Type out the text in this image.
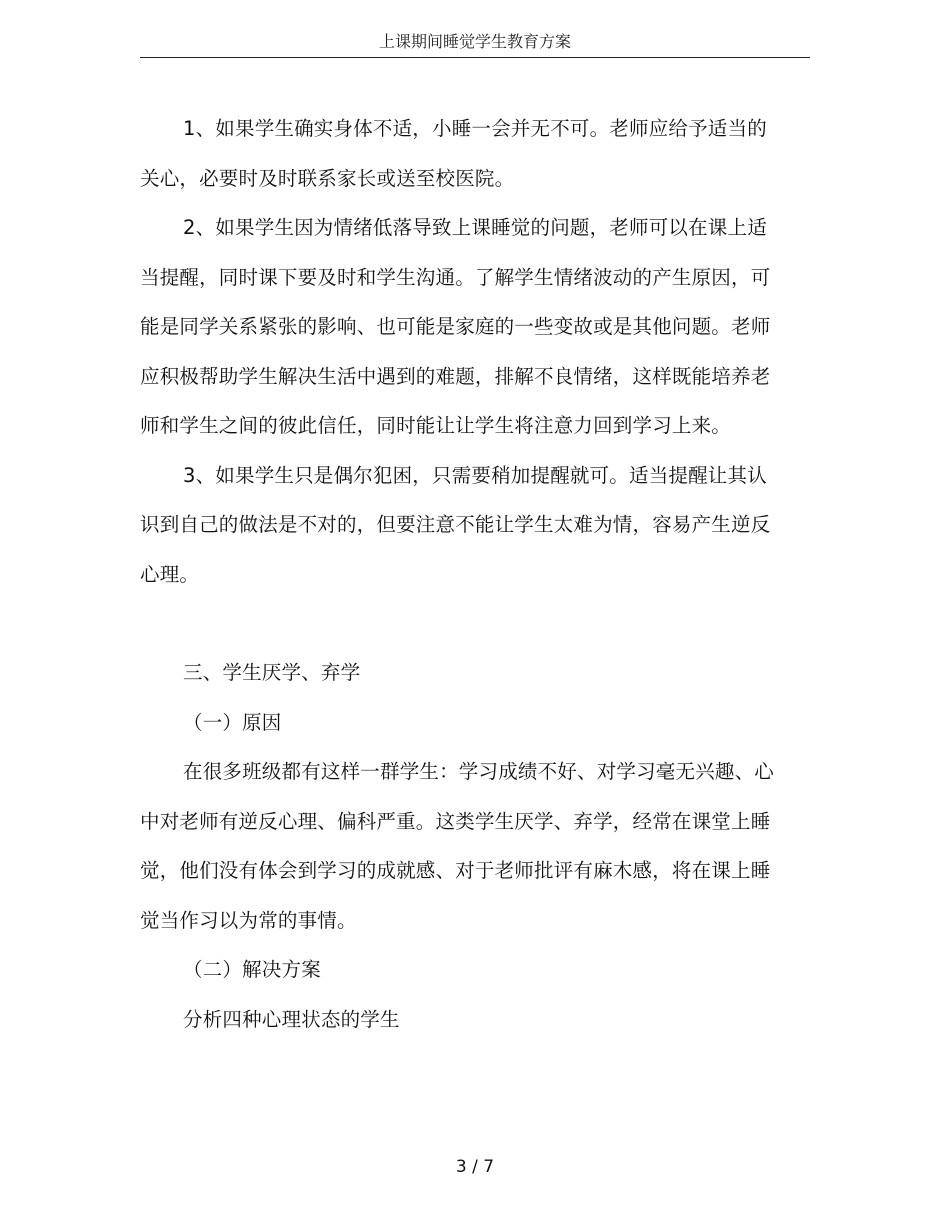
上课期间睡觉学生教育方案

1、如果学生确实身体不适，小睡一会并无不可。老师应给予适当的关心，必要时及时联系家长或送至校医院。

2、如果学生因为情绪低落导致上课睡觉的问题，老师可以在课上适当提醒，同时课下要及时和学生沟通。了解学生情绪波动的产生原因，可能是同学关系紧张的影响、也可能是家庭的一些变故或是其他问题。老师应积极帮助学生解决生活中遇到的难题，排解不良情绪，这样既能培养老师和学生之间的彼此信任，同时能让让学生将注意力回到学习上来。

3、如果学生只是偶尔犯困，只需要稍加提醒就可。适当提醒让其认识到自己的做法是不对的，但要注意不能让学生太难为情，容易产生逆反心理。

三、学生厌学、弃学

（一）原因

在很多班级都有这样一群学生：学习成绩不好、对学习毫无兴趣、心中对老师有逆反心理、偏科严重。这类学生厌学、弃学，经常在课堂上睡觉，他们没有体会到学习的成就感、对于老师批评有麻木感，将在课上睡觉当作习以为常的事情。

（二）解决方案

分析四种心理状态的学生

3 / 7
